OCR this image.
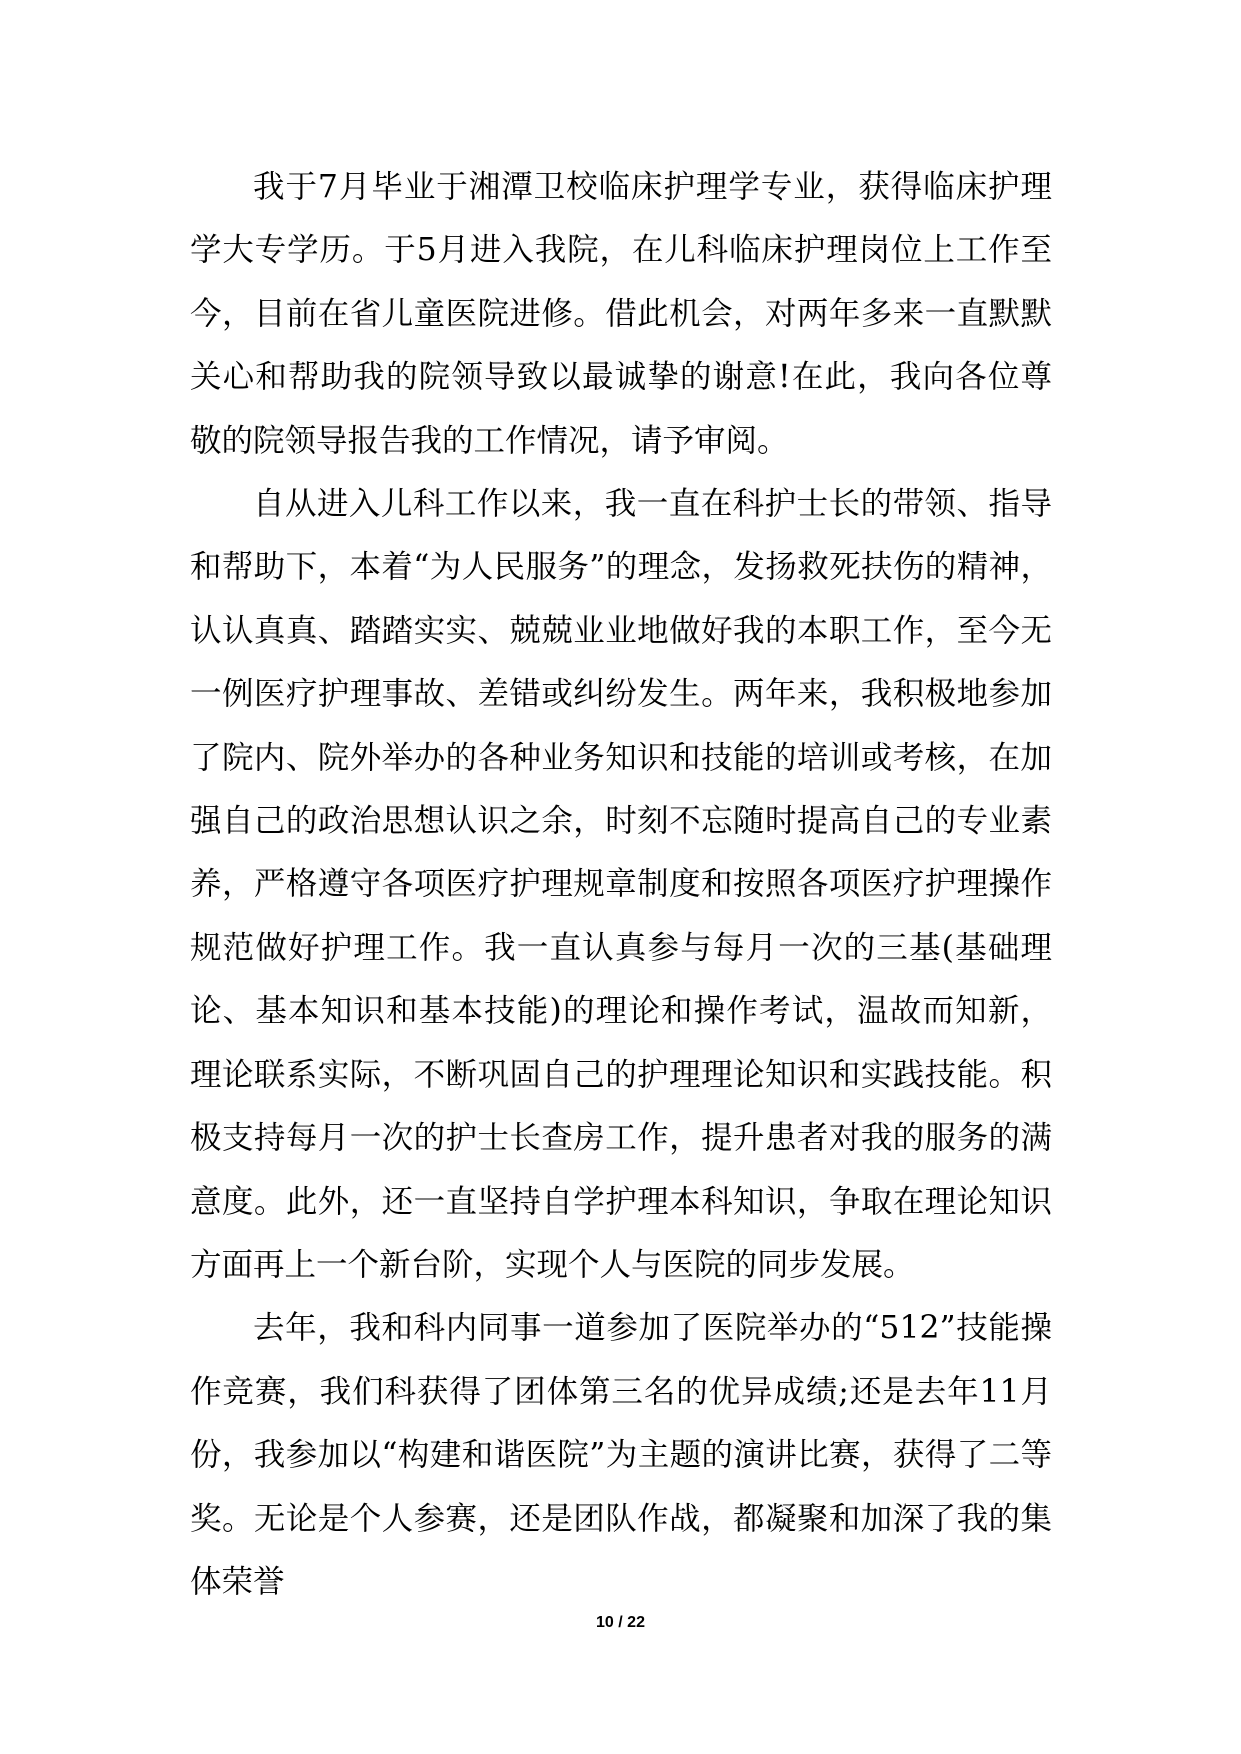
我于7月毕业于湘潭卫校临床护理学专业，获得临床护理学大专学历。于5月进入我院，在儿科临床护理岗位上工作至今，目前在省儿童医院进修。借此机会，对两年多来一直默默关心和帮助我的院领导致以最诚挚的谢意!在此，我向各位尊敬的院领导报告我的工作情况，请予审阅。

自从进入儿科工作以来，我一直在科护士长的带领、指导和帮助下，本着“为人民服务”的理念，发扬救死扶伤的精神，认认真真、踏踏实实、兢兢业业地做好我的本职工作，至今无一例医疗护理事故、差错或纠纷发生。两年来，我积极地参加了院内、院外举办的各种业务知识和技能的培训或考核，在加强自己的政治思想认识之余，时刻不忘随时提高自己的专业素养，严格遵守各项医疗护理规章制度和按照各项医疗护理操作规范做好护理工作。我一直认真参与每月一次的三基(基础理论、基本知识和基本技能)的理论和操作考试，温故而知新，理论联系实际，不断巩固自己的护理理论知识和实践技能。积极支持每月一次的护士长查房工作，提升患者对我的服务的满意度。此外，还一直坚持自学护理本科知识，争取在理论知识方面再上一个新台阶，实现个人与医院的同步发展。

去年，我和科内同事一道参加了医院举办的“512”技能操作竞赛，我们科获得了团体第三名的优异成绩;还是去年11月份，我参加以“构建和谐医院”为主题的演讲比赛，获得了二等奖。无论是个人参赛，还是团队作战，都凝聚和加深了我的集体荣誉

10 / 22
